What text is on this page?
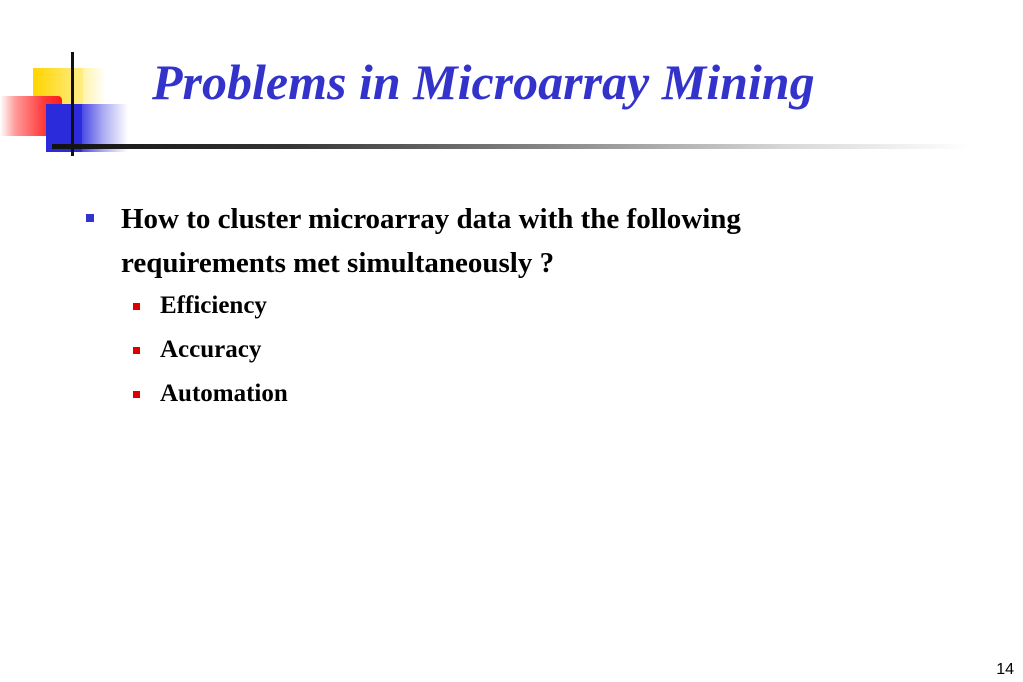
Problems in Microarray Mining
How to cluster microarray data with the following requirements met simultaneously ?
Efficiency
Accuracy
Automation
14
